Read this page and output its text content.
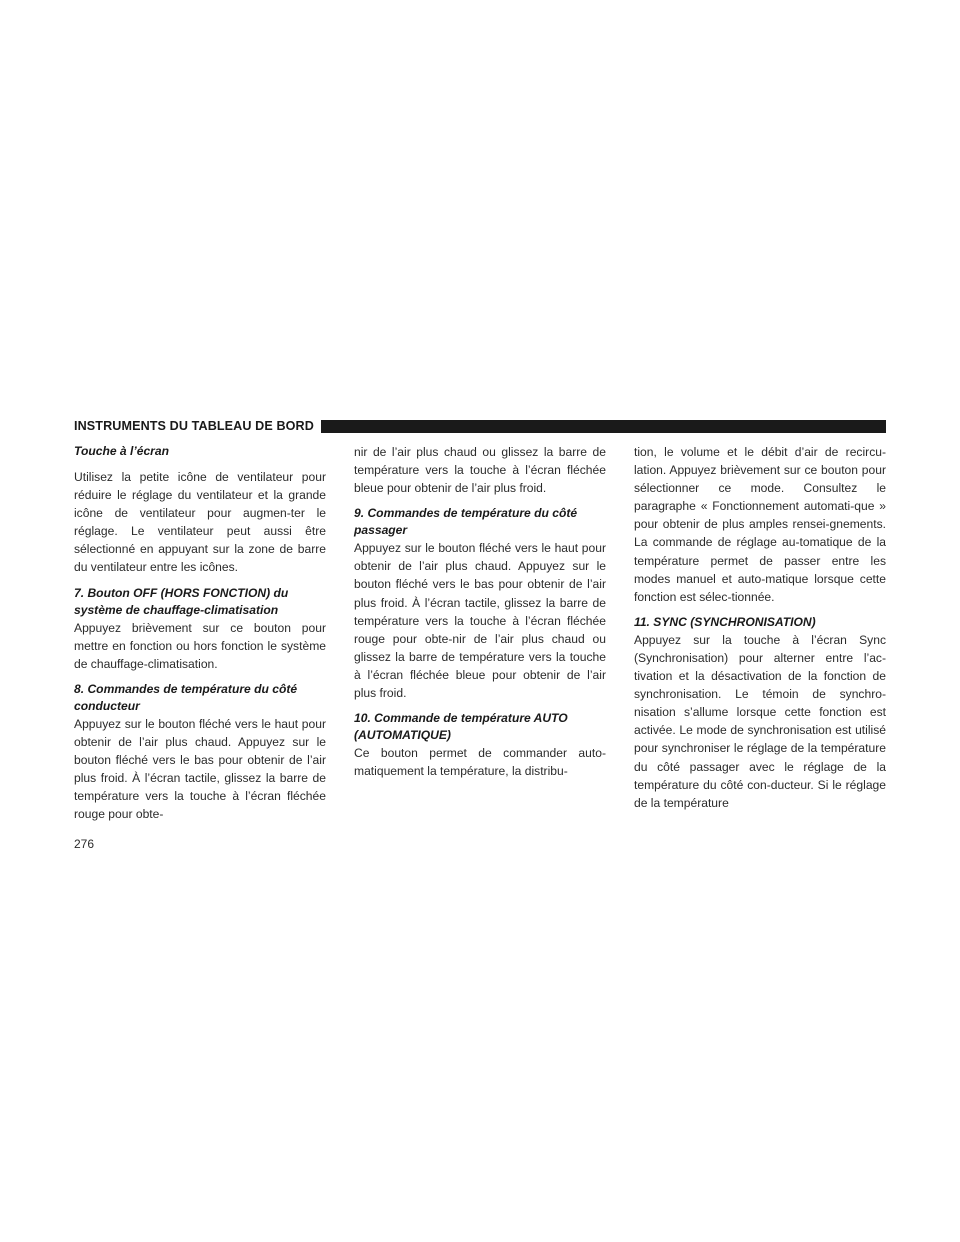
INSTRUMENTS DU TABLEAU DE BORD
Touche à l’écran

Utilisez la petite icône de ventilateur pour réduire le réglage du ventilateur et la grande icône de ventilateur pour augmen-ter le réglage. Le ventilateur peut aussi être sélectionné en appuyant sur la zone de barre du ventilateur entre les icônes.

7. Bouton OFF (HORS FONCTION) du système de chauffage-climatisation

Appuyez brièvement sur ce bouton pour mettre en fonction ou hors fonction le système de chauffage-climatisation.

8. Commandes de température du côté conducteur

Appuyez sur le bouton fléché vers le haut pour obtenir de l’air plus chaud. Appuyez sur le bouton fléché vers le bas pour obtenir de l’air plus froid. À l’écran tactile, glissez la barre de température vers la touche à l’écran fléchée rouge pour obte-

nir de l’air plus chaud ou glissez la barre de température vers la touche à l’écran fléchée bleue pour obtenir de l’air plus froid.

9. Commandes de température du côté passager

Appuyez sur le bouton fléché vers le haut pour obtenir de l’air plus chaud. Appuyez sur le bouton fléché vers le bas pour obtenir de l’air plus froid. À l’écran tactile, glissez la barre de température vers la touche à l’écran fléchée rouge pour obte-nir de l’air plus chaud ou glissez la barre de température vers la touche à l’écran fléchée bleue pour obtenir de l’air plus froid.

10. Commande de température AUTO (AUTOMATIQUE)

Ce bouton permet de commander auto-matiquement la température, la distribu-

tion, le volume et le débit d’air de recircu-lation. Appuyez brièvement sur ce bouton pour sélectionner ce mode. Consultez le paragraphe « Fonctionnement automati-que » pour obtenir de plus amples rensei-gnements. La commande de réglage au-tomatique de la température permet de passer entre les modes manuel et auto-matique lorsque cette fonction est sélec-tionnée.

11. SYNC (SYNCHRONISATION)

Appuyez sur la touche à l’écran Sync (Synchronisation) pour alterner entre l’ac-tivation et la désactivation de la fonction de synchronisation. Le témoin de synchro-nisation s’allume lorsque cette fonction est activée. Le mode de synchronisation est utilisé pour synchroniser le réglage de la température du côté passager avec le réglage de la température du côté con-ducteur. Si le réglage de la température

276
